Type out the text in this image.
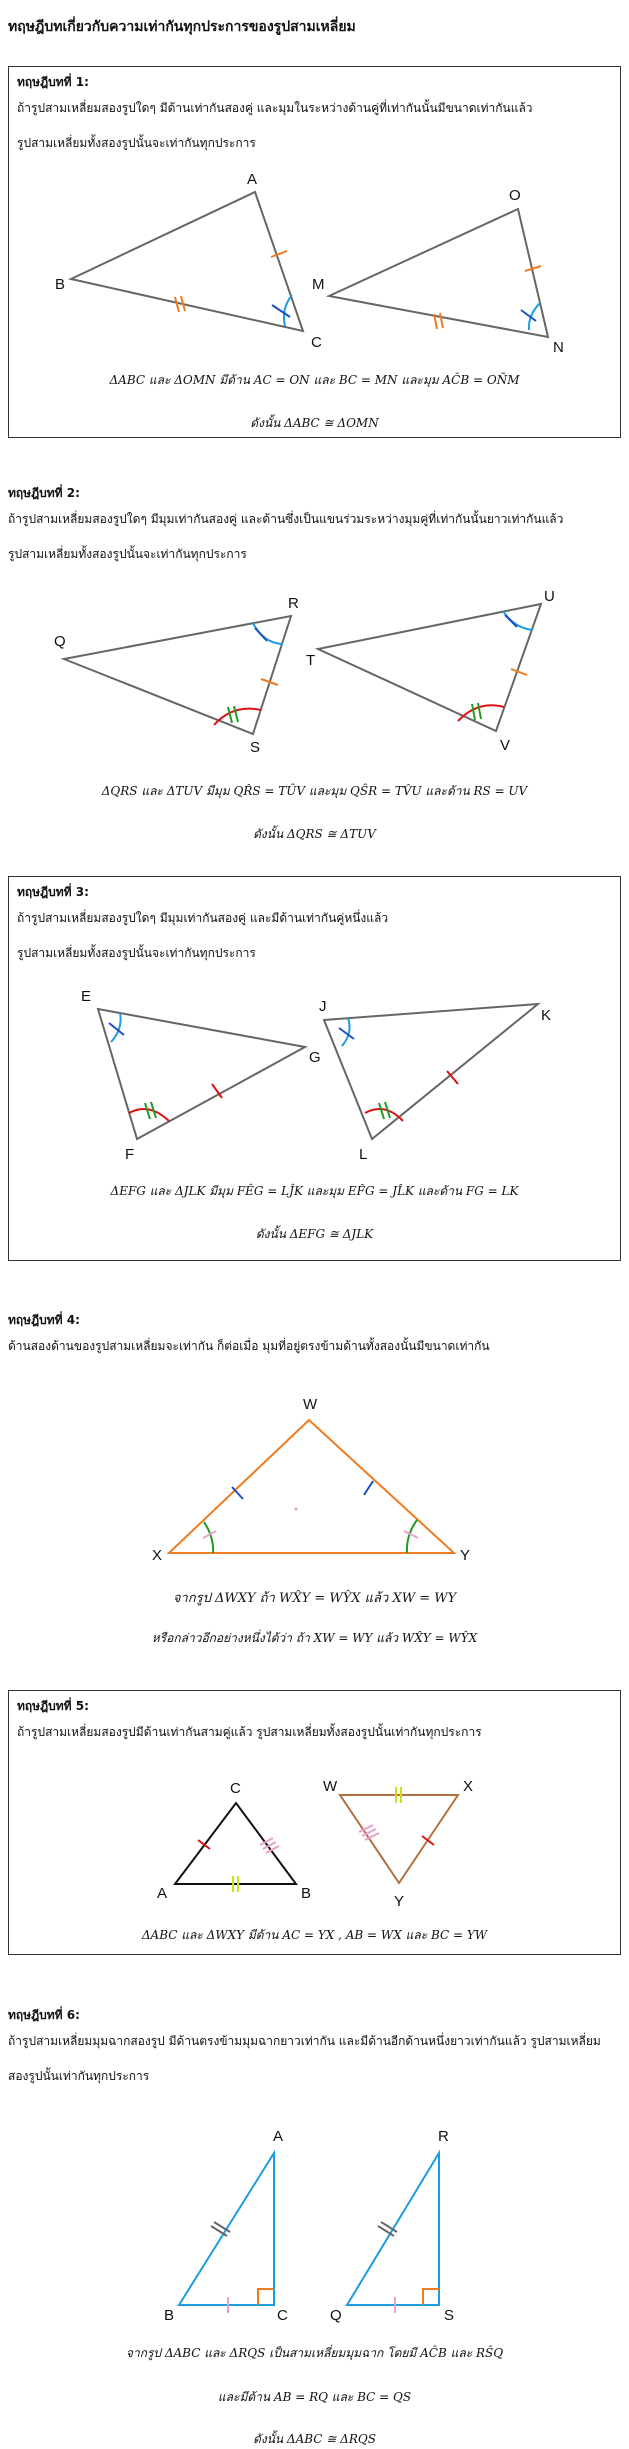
ทฤษฎีบทเกี่ยวกับความเท่ากันทุกประการของรูปสามเหลี่ยม
ทฤษฎีบทที่ 1:
ถ้ารูปสามเหลี่ยมสองรูปใดๆ มีด้านเท่ากันสองคู่ และมุมในระหว่างด้านคู่ที่เท่ากันนั้นมีขนาดเท่ากันแล้ว
รูปสามเหลี่ยมทั้งสองรูปนั้นจะเท่ากันทุกประการ
A
B
C
O
M
N
ΔABC และ ΔOMN มีด้าน AC = ON และ BC = MN และมุม AĈB = OÑM
ดังนั้น ΔABC ≅ ΔOMN
ทฤษฎีบทที่ 2:
ถ้ารูปสามเหลี่ยมสองรูปใดๆ มีมุมเท่ากันสองคู่ และด้านซึ่งเป็นแขนร่วมระหว่างมุมคู่ที่เท่ากันนั้นยาวเท่ากันแล้ว
รูปสามเหลี่ยมทั้งสองรูปนั้นจะเท่ากันทุกประการ
Q
R
S
T
U
V
ΔQRS และ ΔTUV มีมุม QR̂S = TÛV และมุม QŜR = TV̂U และด้าน RS = UV
ดังนั้น ΔQRS ≅ ΔTUV
ทฤษฎีบทที่ 3:
ถ้ารูปสามเหลี่ยมสองรูปใดๆ มีมุมเท่ากันสองคู่ และมีด้านเท่ากันคู่หนึ่งแล้ว
รูปสามเหลี่ยมทั้งสองรูปนั้นจะเท่ากันทุกประการ
E
G
F
J
K
L
ΔEFG และ ΔJLK มีมุม FÊG = LĴK และมุม EF̂G = JL̂K และด้าน FG = LK
ดังนั้น ΔEFG ≅ ΔJLK
ทฤษฎีบทที่ 4:
ด้านสองด้านของรูปสามเหลี่ยมจะเท่ากัน ก็ต่อเมื่อ มุมที่อยู่ตรงข้ามด้านทั้งสองนั้นมีขนาดเท่ากัน
W
X	Y
จากรูป ΔWXY ถ้า WX̂Y = WŶX แล้ว XW = WY
หรือกล่าวอีกอย่างหนึ่งได้ว่า ถ้า XW = WY แล้ว WX̂Y = WŶX
ทฤษฎีบทที่ 5:
ถ้ารูปสามเหลี่ยมสองรูปมีด้านเท่ากันสามคู่แล้ว รูปสามเหลี่ยมทั้งสองรูปนั้นเท่ากันทุกประการ
C
A	B
W	X
Y
ΔABC และ ΔWXY มีด้าน AC = YX , AB = WX และ BC = YW
ทฤษฎีบทที่ 6:
ถ้ารูปสามเหลี่ยมมุมฉากสองรูป มีด้านตรงข้ามมุมฉากยาวเท่ากัน และมีด้านอีกด้านหนึ่งยาวเท่ากันแล้ว รูปสามเหลี่ยม
สองรูปนั้นเท่ากันทุกประการ
A
B	C
R
Q	S
จากรูป ΔABC และ ΔRQS เป็นสามเหลี่ยมมุมฉาก โดยมี AĈB และ RŜQ
และมีด้าน AB = RQ และ BC = QS
ดังนั้น ΔABC ≅ ΔRQS
